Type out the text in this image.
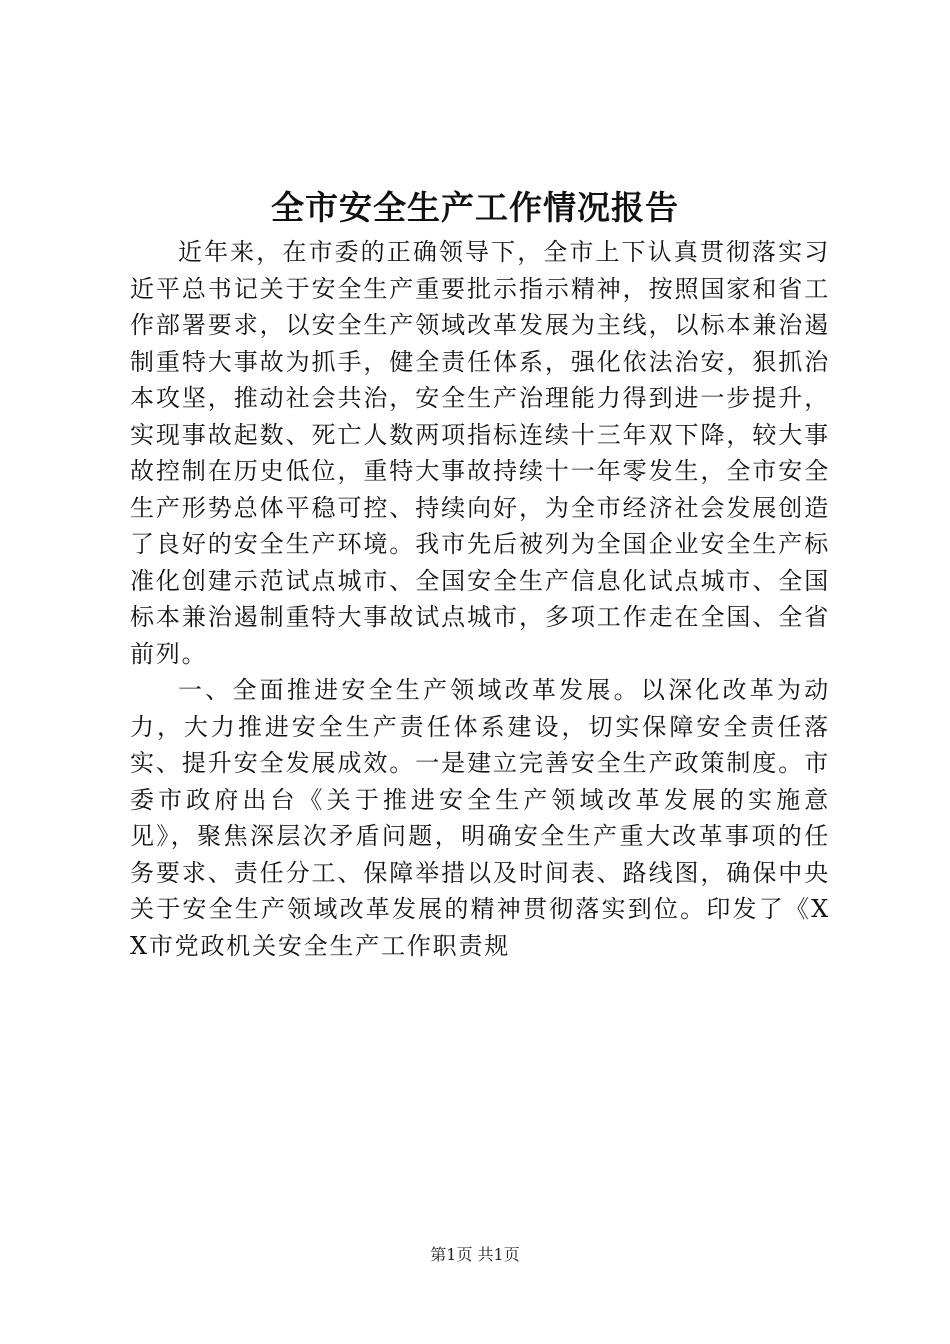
全市安全生产工作情况报告

近年来，在市委的正确领导下，全市上下认真贯彻落实习近平总书记关于安全生产重要批示指示精神，按照国家和省工作部署要求，以安全生产领域改革发展为主线，以标本兼治遏制重特大事故为抓手，健全责任体系，强化依法治安，狠抓治本攻坚，推动社会共治，安全生产治理能力得到进一步提升，实现事故起数、死亡人数两项指标连续十三年双下降，较大事故控制在历史低位，重特大事故持续十一年零发生，全市安全生产形势总体平稳可控、持续向好，为全市经济社会发展创造了良好的安全生产环境。我市先后被列为全国企业安全生产标准化创建示范试点城市、全国安全生产信息化试点城市、全国标本兼治遏制重特大事故试点城市，多项工作走在全国、全省前列。

一、全面推进安全生产领域改革发展。以深化改革为动力，大力推进安全生产责任体系建设，切实保障安全责任落实、提升安全发展成效。一是建立完善安全生产政策制度。市委市政府出台《关于推进安全生产领域改革发展的实施意见》，聚焦深层次矛盾问题，明确安全生产重大改革事项的任务要求、责任分工、保障举措以及时间表、路线图，确保中央关于安全生产领域改革发展的精神贯彻落实到位。印发了《XX市党政机关安全生产工作职责规

第1页 共1页
